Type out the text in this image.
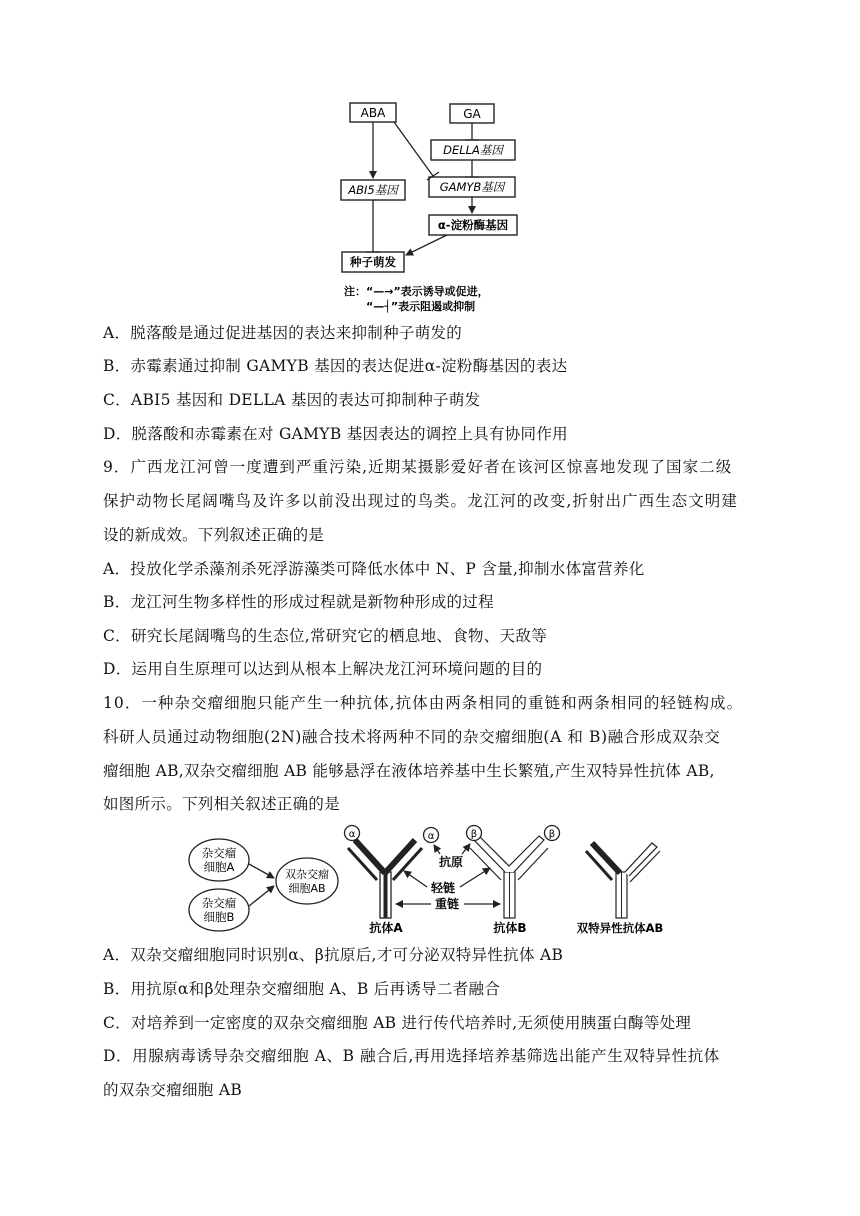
ABA	GA
DELLA基因
ABI5基因	GAMYB基因
α-淀粉酶基因
种子萌发
注：“—→”表示诱导或促进，
“—┤”表示阻遏或抑制
A．脱落酸是通过促进基因的表达来抑制种子萌发的
B．赤霉素通过抑制 GAMYB 基因的表达促进α-淀粉酶基因的表达
C．ABI5 基因和 DELLA 基因的表达可抑制种子萌发
D．脱落酸和赤霉素在对 GAMYB 基因表达的调控上具有协同作用
9．广西龙江河曾一度遭到严重污染,近期某摄影爱好者在该河区惊喜地发现了国家二级
保护动物长尾阔嘴鸟及许多以前没出现过的鸟类。龙江河的改变,折射出广西生态文明建
设的新成效。下列叙述正确的是
A．投放化学杀藻剂杀死浮游藻类可降低水体中 N、P 含量,抑制水体富营养化
B．龙江河生物多样性的形成过程就是新物种形成的过程
C．研究长尾阔嘴鸟的生态位,常研究它的栖息地、食物、天敌等
D．运用自生原理可以达到从根本上解决龙江河环境问题的目的
10．一种杂交瘤细胞只能产生一种抗体,抗体由两条相同的重链和两条相同的轻链构成。
科研人员通过动物细胞(2N)融合技术将两种不同的杂交瘤细胞(A 和 B)融合形成双杂交
瘤细胞 AB,双杂交瘤细胞 AB 能够悬浮在液体培养基中生长繁殖,产生双特异性抗体 AB,
如图所示。下列相关叙述正确的是
杂交瘤
细胞A
杂交瘤
细胞B
双杂交瘤
细胞AB
α	α	β	β
抗原
轻链
重链
抗体A	抗体B	双特异性抗体AB
A．双杂交瘤细胞同时识别α、β抗原后,才可分泌双特异性抗体 AB
B．用抗原α和β处理杂交瘤细胞 A、B 后再诱导二者融合
C．对培养到一定密度的双杂交瘤细胞 AB 进行传代培养时,无须使用胰蛋白酶等处理
D．用腺病毒诱导杂交瘤细胞 A、B 融合后,再用选择培养基筛选出能产生双特异性抗体
的双杂交瘤细胞 AB
